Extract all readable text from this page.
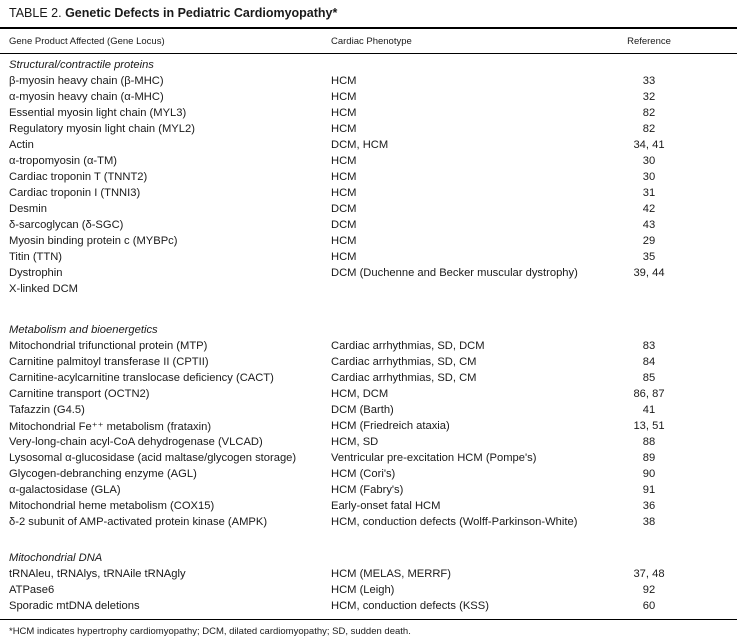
TABLE 2. Genetic Defects in Pediatric Cardiomyopathy*
Gene Product Affected (Gene Locus)	Cardiac Phenotype	Reference
Structural/contractile proteins
β-myosin heavy chain (β-MHC)	HCM	33
α-myosin heavy chain (α-MHC)	HCM	32
Essential myosin light chain (MYL3)	HCM	82
Regulatory myosin light chain (MYL2)	HCM	82
Actin	DCM, HCM	34, 41
α-tropomyosin (α-TM)	HCM	30
Cardiac troponin T (TNNT2)	HCM	30
Cardiac troponin I (TNNI3)	HCM	31
Desmin	DCM	42
δ-sarcoglycan (δ-SGC)	DCM	43
Myosin binding protein c (MYBPc)	HCM	29
Titin (TTN)	HCM	35
Dystrophin	DCM (Duchenne and Becker muscular dystrophy)	39, 44
X-linked DCM
Metabolism and bioenergetics
Mitochondrial trifunctional protein (MTP)	Cardiac arrhythmias, SD, DCM	83
Carnitine palmitoyl transferase II (CPTII)	Cardiac arrhythmias, SD, CM	84
Carnitine-acylcarnitine translocase deficiency (CACT)	Cardiac arrhythmias, SD, CM	85
Carnitine transport (OCTN2)	HCM, DCM	86, 87
Tafazzin (G4.5)	DCM (Barth)	41
Mitochondrial Fe⁺⁺ metabolism (frataxin)	HCM (Friedreich ataxia)	13, 51
Very-long-chain acyl-CoA dehydrogenase (VLCAD)	HCM, SD	88
Lysosomal α-glucosidase (acid maltase/glycogen storage)	Ventricular pre-excitation HCM (Pompe's)	89
Glycogen-debranching enzyme (AGL)	HCM (Cori's)	90
α-galactosidase (GLA)	HCM (Fabry's)	91
Mitochondrial heme metabolism (COX15)	Early-onset fatal HCM	36
δ-2 subunit of AMP-activated protein kinase (AMPK)	HCM, conduction defects (Wolff-Parkinson-White)	38
Mitochondrial DNA
tRNAleu, tRNAlys, tRNAile tRNAgly	HCM (MELAS, MERRF)	37, 48
ATPase6	HCM (Leigh)	92
Sporadic mtDNA deletions	HCM, conduction defects (KSS)	60
*HCM indicates hypertrophy cardiomyopathy; DCM, dilated cardiomyopathy; SD, sudden death.
